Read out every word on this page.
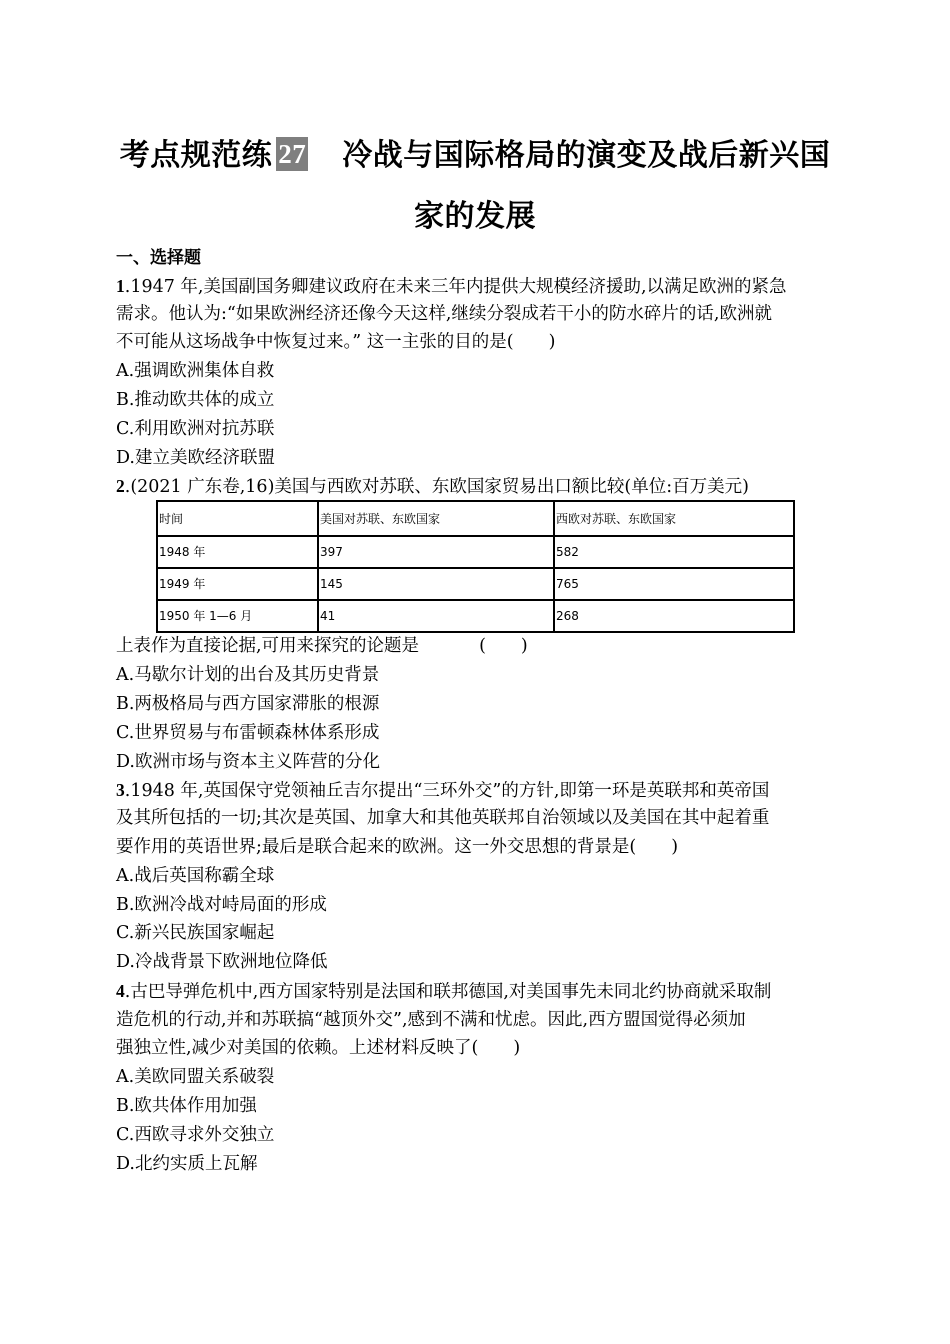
考点规范练 27 冷战与国际格局的演变及战后新兴国
家的发展
一、选择题
1.1947 年,美国副国务卿建议政府在未来三年内提供大规模经济援助,以满足欧洲的紧急
需求。他认为:“如果欧洲经济还像今天这样,继续分裂成若干小的防水碎片的话,欧洲就
不可能从这场战争中恢复过来。” 这一主张的目的是(　　)
A.强调欧洲集体自救
B.推动欧共体的成立
C.利用欧洲对抗苏联
D.建立美欧经济联盟
2.(2021 广东卷,16)美国与西欧对苏联、东欧国家贸易出口额比较(单位:百万美元)
时间	美国对苏联、东欧国家	西欧对苏联、东欧国家
1948 年	397	582
1949 年	145	765
1950 年 1—6 月	41	268
上表作为直接论据,可用来探究的论题是	(　　)
A.马歇尔计划的出台及其历史背景
B.两极格局与西方国家滞胀的根源
C.世界贸易与布雷顿森林体系形成
D.欧洲市场与资本主义阵营的分化
3.1948 年,英国保守党领袖丘吉尔提出“三环外交”的方针,即第一环是英联邦和英帝国
及其所包括的一切;其次是英国、加拿大和其他英联邦自治领域以及美国在其中起着重
要作用的英语世界;最后是联合起来的欧洲。这一外交思想的背景是(　　)
A.战后英国称霸全球
B.欧洲冷战对峙局面的形成
C.新兴民族国家崛起
D.冷战背景下欧洲地位降低
4.古巴导弹危机中,西方国家特别是法国和联邦德国,对美国事先未同北约协商就采取制
造危机的行动,并和苏联搞“越顶外交”,感到不满和忧虑。因此,西方盟国觉得必须加
强独立性,减少对美国的依赖。上述材料反映了(　　)
A.美欧同盟关系破裂
B.欧共体作用加强
C.西欧寻求外交独立
D.北约实质上瓦解
